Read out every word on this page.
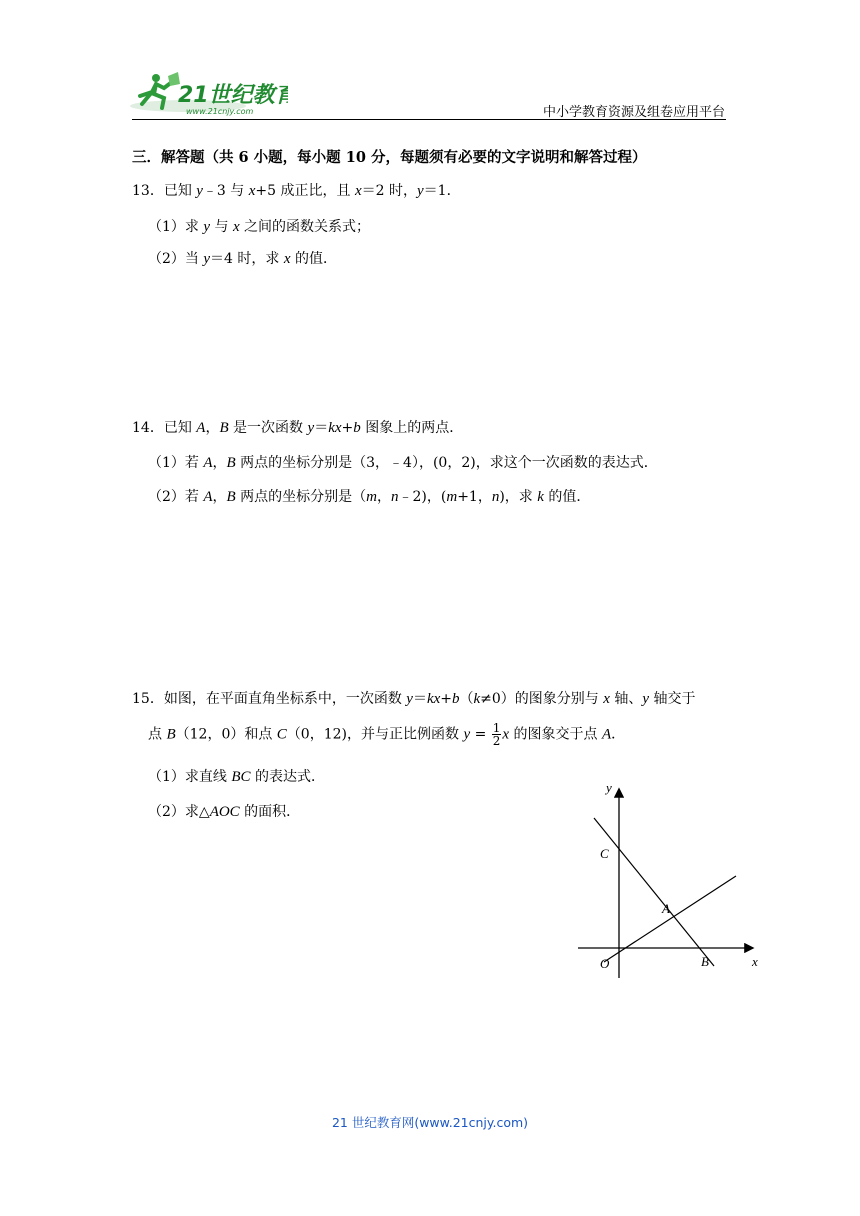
21世纪教育
www.21cnjy.com	中小学教育资源及组卷应用平台
三．解答题（共 6 小题，每小题 10 分，每题须有必要的文字说明和解答过程）
13．已知 y﹣3 与 x+5 成正比，且 x＝2 时，y＝1．
（1）求 y 与 x 之间的函数关系式；
（2）当 y＝4 时，求 x 的值．
14．已知 A，B 是一次函数 y＝kx+b 图象上的两点．
（1）若 A，B 两点的坐标分别是（3，﹣4），(0，2)，求这个一次函数的表达式．
（2）若 A，B 两点的坐标分别是（m，n﹣2)，(m+1，n)，求 k 的值．
15．如图，在平面直角坐标系中，一次函数 y＝kx+b（k≠0）的图象分别与 x 轴、y 轴交于
点 B（12，0）和点 C（0，12)，并与正比例函数 $y = \frac{1}{2}$ x 的图象交于点 A．
（1）求直线 BC 的表达式．
（2）求△AOC 的面积．
y
x
C
A
O	B
21 世纪教育网(www.21cnjy.com)
